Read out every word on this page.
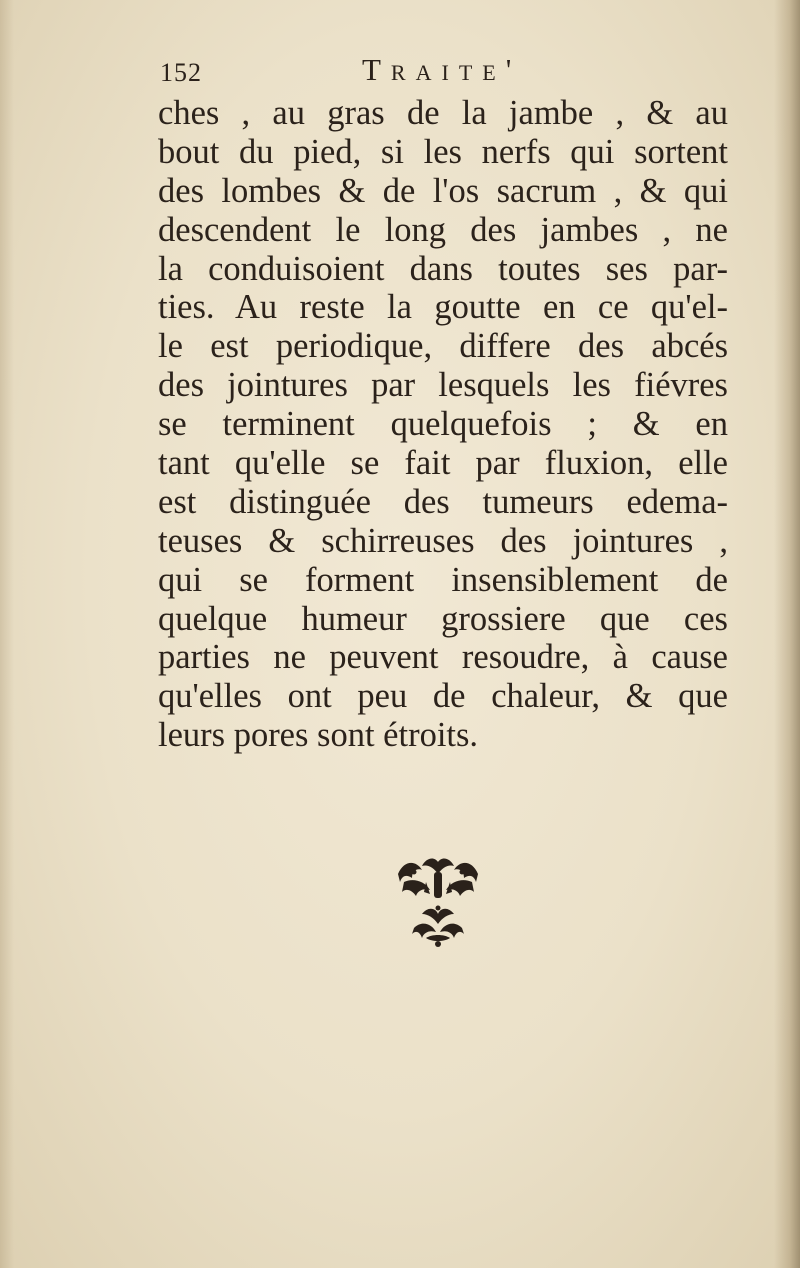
152	Traite'
ches , au gras de la jambe , & au
bout du pied, si les nerfs qui sortent
des lombes & de l'os sacrum , & qui
descendent le long des jambes , ne
la conduisoient dans toutes ses par-
ties. Au reste la goutte en ce qu'el-
le est periodique, differe des abcés
des jointures par lesquels les fiévres
se terminent quelquefois ; & en
tant qu'elle se fait par fluxion, elle
est distinguée des tumeurs edema-
teuses & schirreuses des jointures ,
qui se forment insensiblement de
quelque humeur grossiere que ces
parties ne peuvent resoudre, à cause
qu'elles ont peu de chaleur, & que
leurs pores sont étroits.
